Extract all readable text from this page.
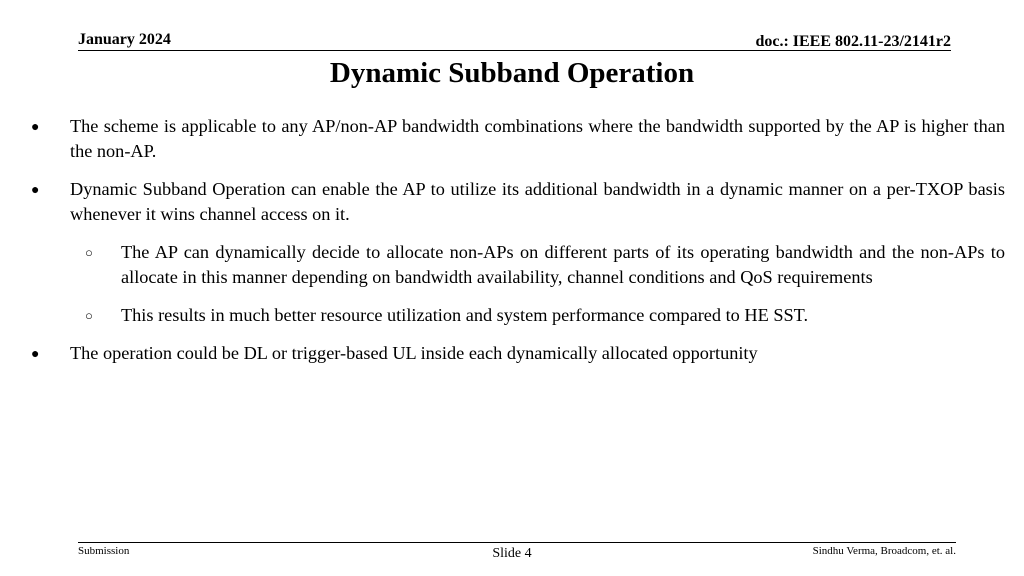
January 2024	doc.: IEEE 802.11-23/2141r2
Dynamic Subband Operation
● The scheme is applicable to any AP/non-AP bandwidth combinations where the bandwidth supported by the AP is higher than the non-AP.
● Dynamic Subband Operation can enable the AP to utilize its additional bandwidth in a dynamic manner on a per-TXOP basis whenever it wins channel access on it.
○ The AP can dynamically decide to allocate non-APs on different parts of its operating bandwidth and the non-APs to allocate in this manner depending on bandwidth availability, channel conditions and QoS requirements
○ This results in much better resource utilization and system performance compared to HE SST.
● The operation could be DL or trigger-based UL inside each dynamically allocated opportunity
Submission	Slide 4	Sindhu Verma, Broadcom, et. al.
